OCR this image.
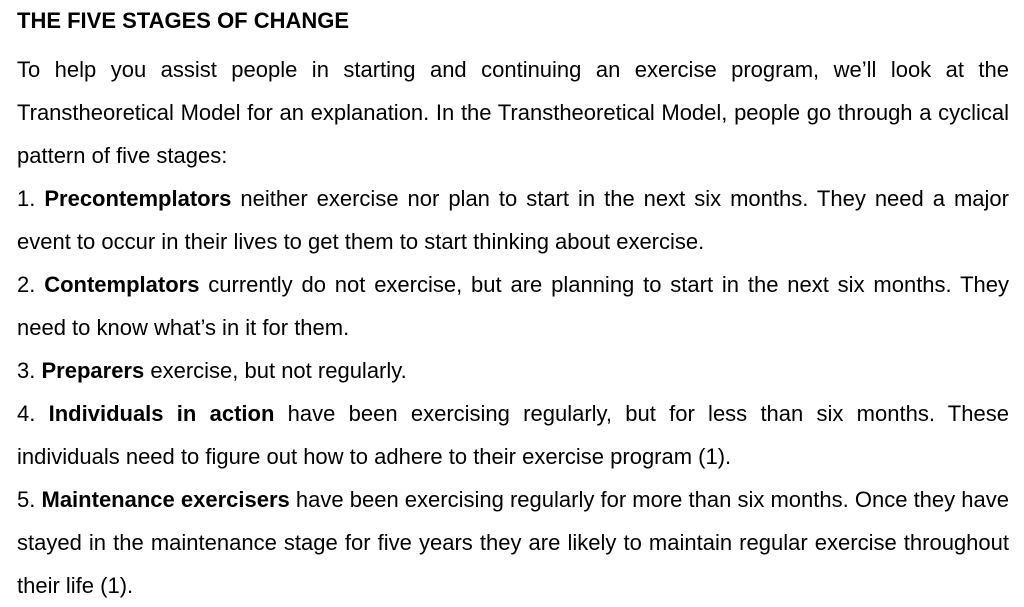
THE FIVE STAGES OF CHANGE

To help you assist people in starting and continuing an exercise program, we’ll look at the Transtheoretical Model for an explanation. In the Transtheoretical Model, people go through a cyclical pattern of five stages:

1. Precontemplators neither exercise nor plan to start in the next six months. They need a major event to occur in their lives to get them to start thinking about exercise.

2. Contemplators currently do not exercise, but are planning to start in the next six months. They need to know what’s in it for them.

3. Preparers exercise, but not regularly.

4. Individuals in action have been exercising regularly, but for less than six months. These individuals need to figure out how to adhere to their exercise program (1).

5. Maintenance exercisers have been exercising regularly for more than six months. Once they have stayed in the maintenance stage for five years they are likely to maintain regular exercise throughout their life (1).
